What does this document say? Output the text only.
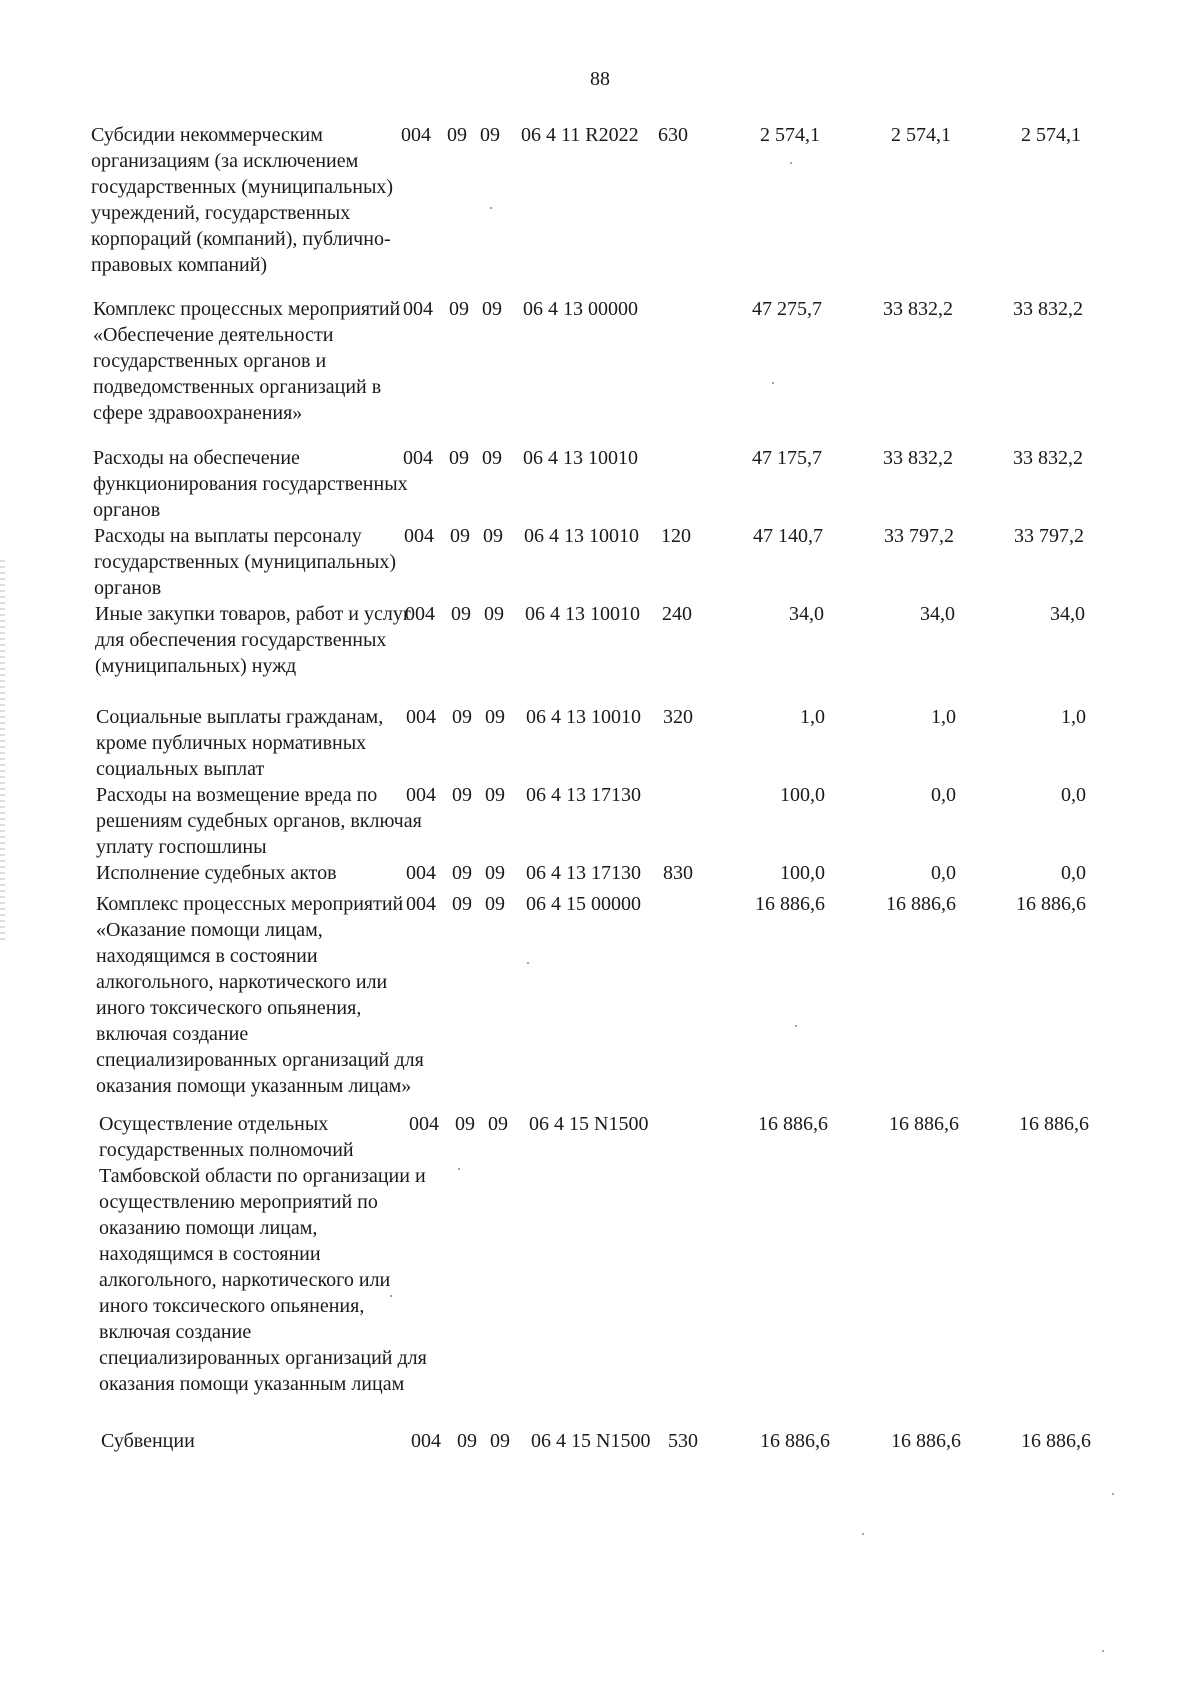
88
Субсидии некоммерческим организациям (за исключением государственных (муниципальных) учреждений, государственных корпораций (компаний), публично-правовых компаний)
004 09 09 06 4 11 R2022 630	2 574,1	2 574,1	2 574,1
Комплекс процессных мероприятий «Обеспечение деятельности государственных органов и подведомственных организаций в сфере здравоохранения»
004 09 09 06 4 13 00000	47 275,7	33 832,2	33 832,2
Расходы на обеспечение функционирования государственных органов
004 09 09 06 4 13 10010	47 175,7	33 832,2	33 832,2
Расходы на выплаты персоналу государственных (муниципальных) органов
004 09 09 06 4 13 10010 120	47 140,7	33 797,2	33 797,2
Иные закупки товаров, работ и услуг для обеспечения государственных (муниципальных) нужд
004 09 09 06 4 13 10010 240	34,0	34,0	34,0
Социальные выплаты гражданам, кроме публичных нормативных социальных выплат
004 09 09 06 4 13 10010 320	1,0	1,0	1,0
Расходы на возмещение вреда по решениям судебных органов, включая уплату госпошлины
004 09 09 06 4 13 17130	100,0	0,0	0,0
Исполнение судебных актов	004 09 09 06 4 13 17130 830	100,0	0,0	0,0
Комплекс процессных мероприятий «Оказание помощи лицам, находящимся в состоянии алкогольного, наркотического или иного токсического опьянения, включая создание специализированных организаций для оказания помощи указанным лицам»
004 09 09 06 4 15 00000	16 886,6	16 886,6	16 886,6
Осуществление отдельных государственных полномочий Тамбовской области по организации и осуществлению мероприятий по оказанию помощи лицам, находящимся в состоянии алкогольного, наркотического или иного токсического опьянения, включая создание специализированных организаций для оказания помощи указанным лицам
004 09 09 06 4 15 N1500	16 886,6	16 886,6	16 886,6
Субвенции	004 09 09 06 4 15 N1500 530	16 886,6	16 886,6	16 886,6
